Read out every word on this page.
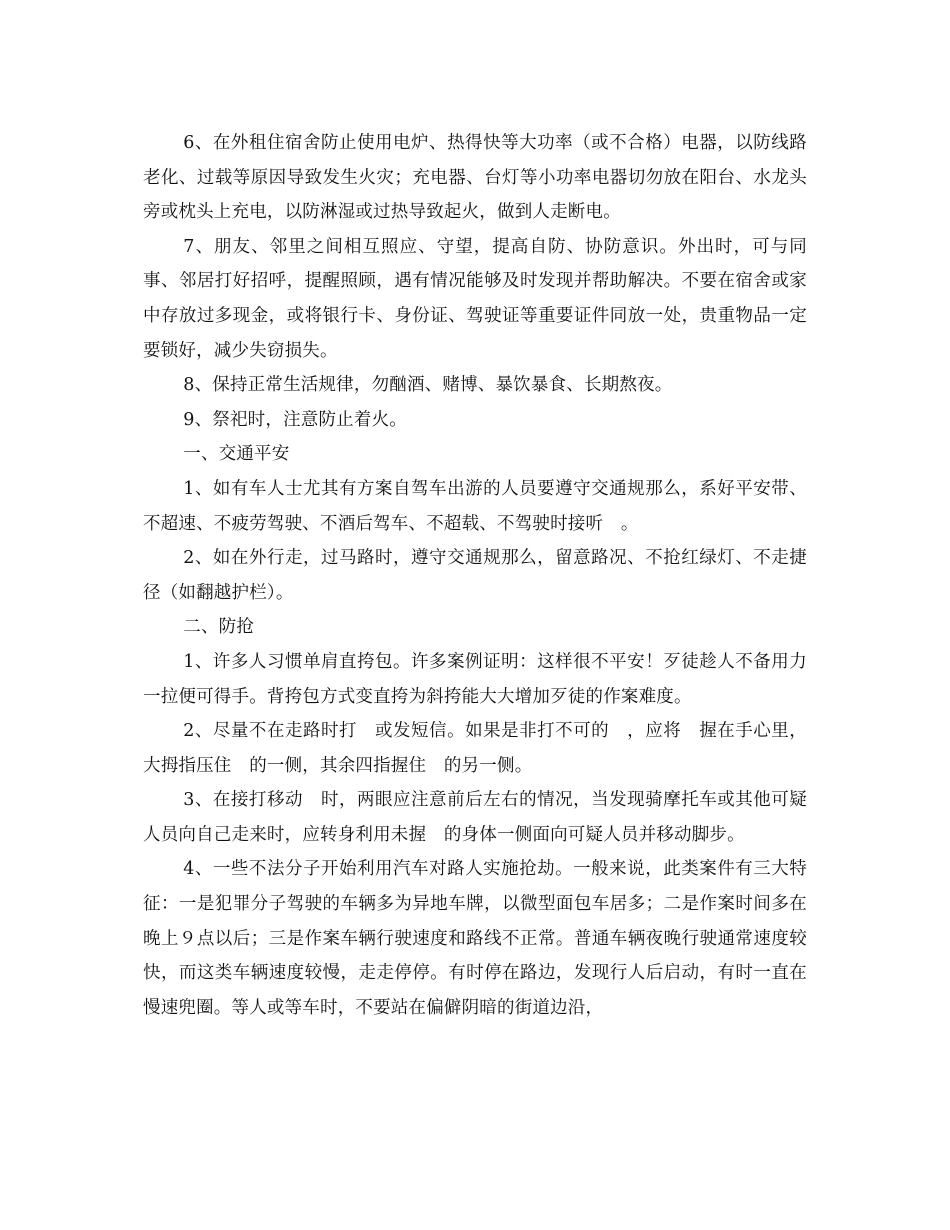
6、在外租住宿舍防止使用电炉、热得快等大功率（或不合格）电器，以防线路老化、过载等原因导致发生火灾；充电器、台灯等小功率电器切勿放在阳台、水龙头旁或枕头上充电，以防淋湿或过热导致起火，做到人走断电。

7、朋友、邻里之间相互照应、守望，提高自防、协防意识。外出时，可与同事、邻居打好招呼，提醒照顾，遇有情况能够及时发现并帮助解决。不要在宿舍或家中存放过多现金，或将银行卡、身份证、驾驶证等重要证件同放一处，贵重物品一定要锁好，减少失窃损失。

8、保持正常生活规律，勿酗酒、赌博、暴饮暴食、长期熬夜。

9、祭祀时，注意防止着火。

一、交通平安

1、如有车人士尤其有方案自驾车出游的人员要遵守交通规那么，系好平安带、不超速、不疲劳驾驶、不酒后驾车、不超载、不驾驶时接听　。

2、如在外行走，过马路时，遵守交通规那么，留意路况、不抢红绿灯、不走捷径（如翻越护栏）。

二、防抢

1、许多人习惯单肩直挎包。许多案例证明：这样很不平安！歹徒趁人不备用力一拉便可得手。背挎包方式变直挎为斜挎能大大增加歹徒的作案难度。

2、尽量不在走路时打　或发短信。如果是非打不可的　，应将　握在手心里，大拇指压住　的一侧，其余四指握住　的另一侧。

3、在接打移动　时，两眼应注意前后左右的情况，当发现骑摩托车或其他可疑人员向自己走来时，应转身利用未握　的身体一侧面向可疑人员并移动脚步。

4、一些不法分子开始利用汽车对路人实施抢劫。一般来说，此类案件有三大特征：一是犯罪分子驾驶的车辆多为异地车牌，以微型面包车居多；二是作案时间多在晚上９点以后；三是作案车辆行驶速度和路线不正常。普通车辆夜晚行驶通常速度较快，而这类车辆速度较慢，走走停停。有时停在路边，发现行人后启动，有时一直在慢速兜圈。等人或等车时，不要站在偏僻阴暗的街道边沿，
